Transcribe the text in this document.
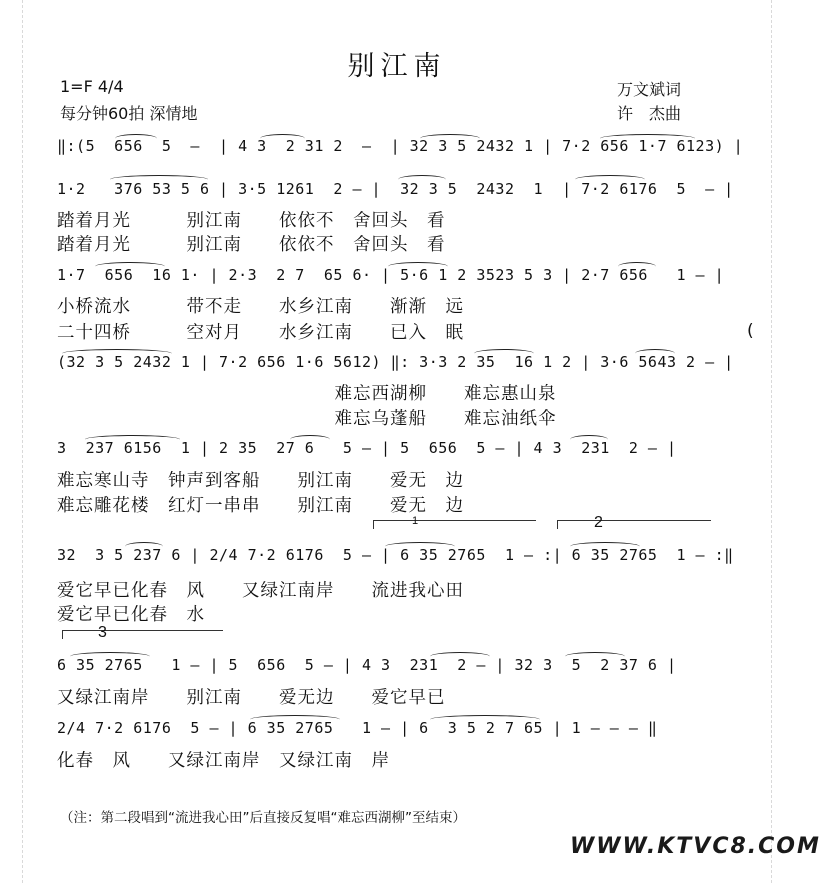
别江南
1=F 4/4
每分钟60拍 深情地
万文斌词
许　杰曲
‖:(5  656  5  –  | 4 3  2 31 2  –  | 32 3 5 2432 1 | 7·2 656 1·7 6123) |
1·2   376 53 5 6 | 3·5 1261  2 – |  32 3 5  2432  1  | 7·2 6176  5  – |
踏着月光　　　别江南　　依依不　舍回头　看
踏着月光　　　别江南　　依依不　舍回头　看
1·7  656  16 1· | 2·3  2 7  65 6· | 5·6 1 2 3523 5 3 | 2·7 656   1 – |
小桥流水　　　带不走　　水乡江南　　渐渐　远
二十四桥　　　空对月　　水乡江南　　已入　眠	(
(32 3 5 2432 1 | 7·2 656 1·6 5612) ‖: 3·3 2 35  16 1 2 | 3·6 5643 2 – |
　　　　　　　　　　　　　　　难忘西湖柳　　难忘惠山泉
　　　　　　　　　　　　　　　难忘乌蓬船　　难忘油纸伞
3  237 6156  1 | 2 35  27 6   5 – | 5  656  5 – | 4 3  231  2 – |
难忘寒山寺　钟声到客船　　别江南　　爱无　边
难忘雕花楼　红灯一串串　　别江南　　爱无　边
1	2
32  3 5 237 6 | 2/4 7·2 6176  5 – | 6 35 2765  1 – :| 6 35 2765  1 – :‖
爱它早已化春　风　　又绿江南岸　　流进我心田
爱它早已化春　水
3
6 35 2765   1 – | 5  656  5 – | 4 3  231  2 – | 32 3  5  2 37 6 |
又绿江南岸　　别江南　　爱无边　　爱它早已
2/4 7·2 6176  5 – | 6 35 2765   1 – | 6  3 5 2 7 65 | 1 – – – ‖
化春　风　　又绿江南岸　又绿江南　岸
（注：第二段唱到“流进我心田”后直接反复唱“难忘西湖柳”至结束）
WWW.KTVC8.COM
